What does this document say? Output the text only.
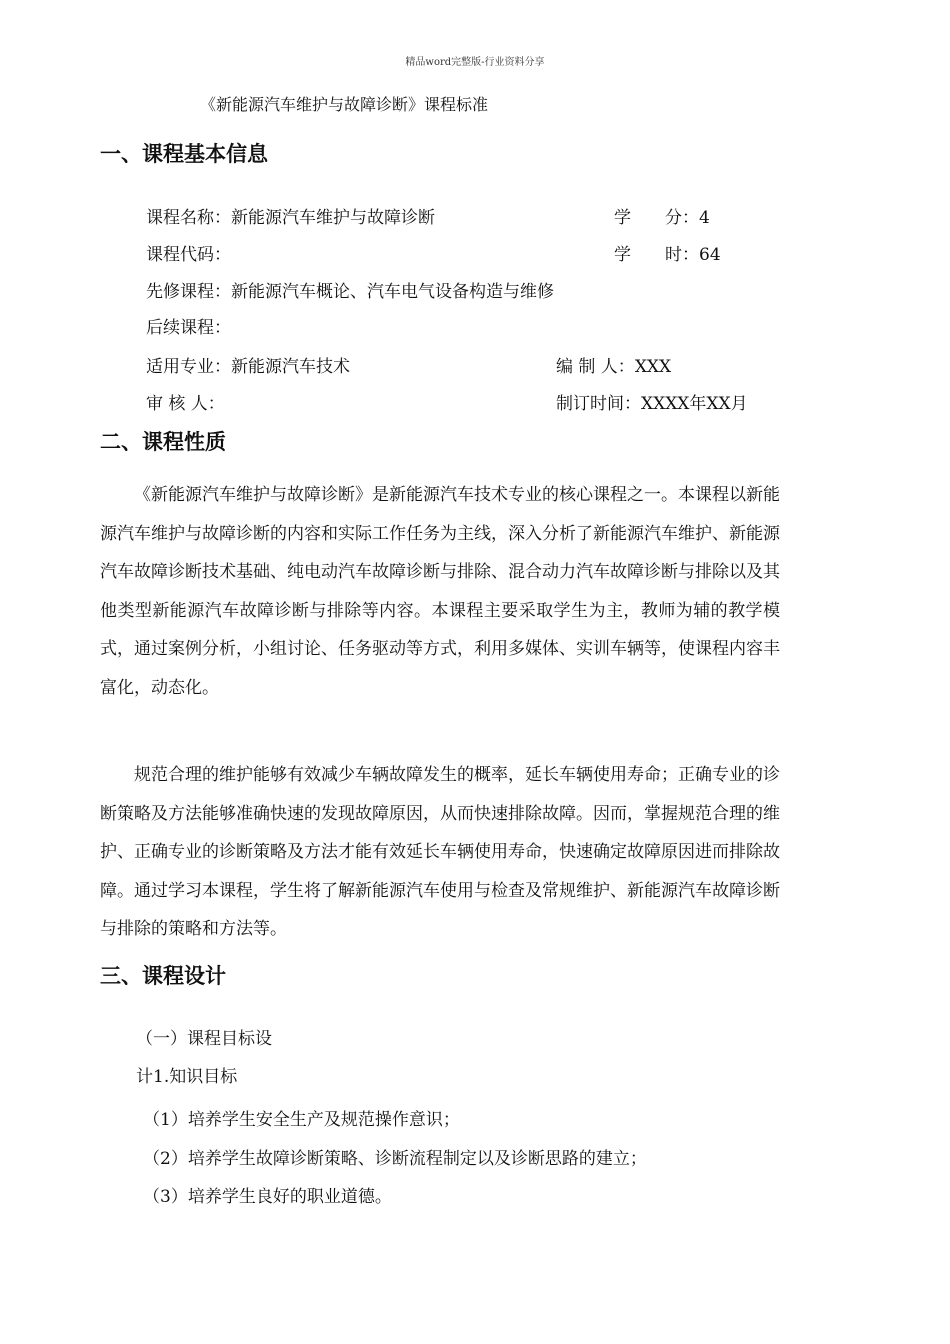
精品word完整版-行业资料分享
《新能源汽车维护与故障诊断》课程标准
一、课程基本信息
课程名称：新能源汽车维护与故障诊断	学　　分：4
课程代码：	学　　时：64
先修课程：新能源汽车概论、汽车电气设备构造与维修
后续课程：
适用专业：新能源汽车技术	编 制 人：XXX
审 核 人：	制订时间：XXXX年XX月
二、课程性质

《新能源汽车维护与故障诊断》是新能源汽车技术专业的核心课程之一。本课程以新能源汽车维护与故障诊断的内容和实际工作任务为主线，深入分析了新能源汽车维护、新能源汽车故障诊断技术基础、纯电动汽车故障诊断与排除、混合动力汽车故障诊断与排除以及其他类型新能源汽车故障诊断与排除等内容。本课程主要采取学生为主，教师为辅的教学模式，通过案例分析，小组讨论、任务驱动等方式，利用多媒体、实训车辆等，使课程内容丰富化，动态化。

规范合理的维护能够有效减少车辆故障发生的概率，延长车辆使用寿命；正确专业的诊断策略及方法能够准确快速的发现故障原因，从而快速排除故障。因而，掌握规范合理的维护、正确专业的诊断策略及方法才能有效延长车辆使用寿命，快速确定故障原因进而排除故障。通过学习本课程，学生将了解新能源汽车使用与检查及常规维护、新能源汽车故障诊断与排除的策略和方法等。

三、课程设计
（一）课程目标设
计1.知识目标
（1）培养学生安全生产及规范操作意识；
（2）培养学生故障诊断策略、诊断流程制定以及诊断思路的建立；
（3）培养学生良好的职业道德。
